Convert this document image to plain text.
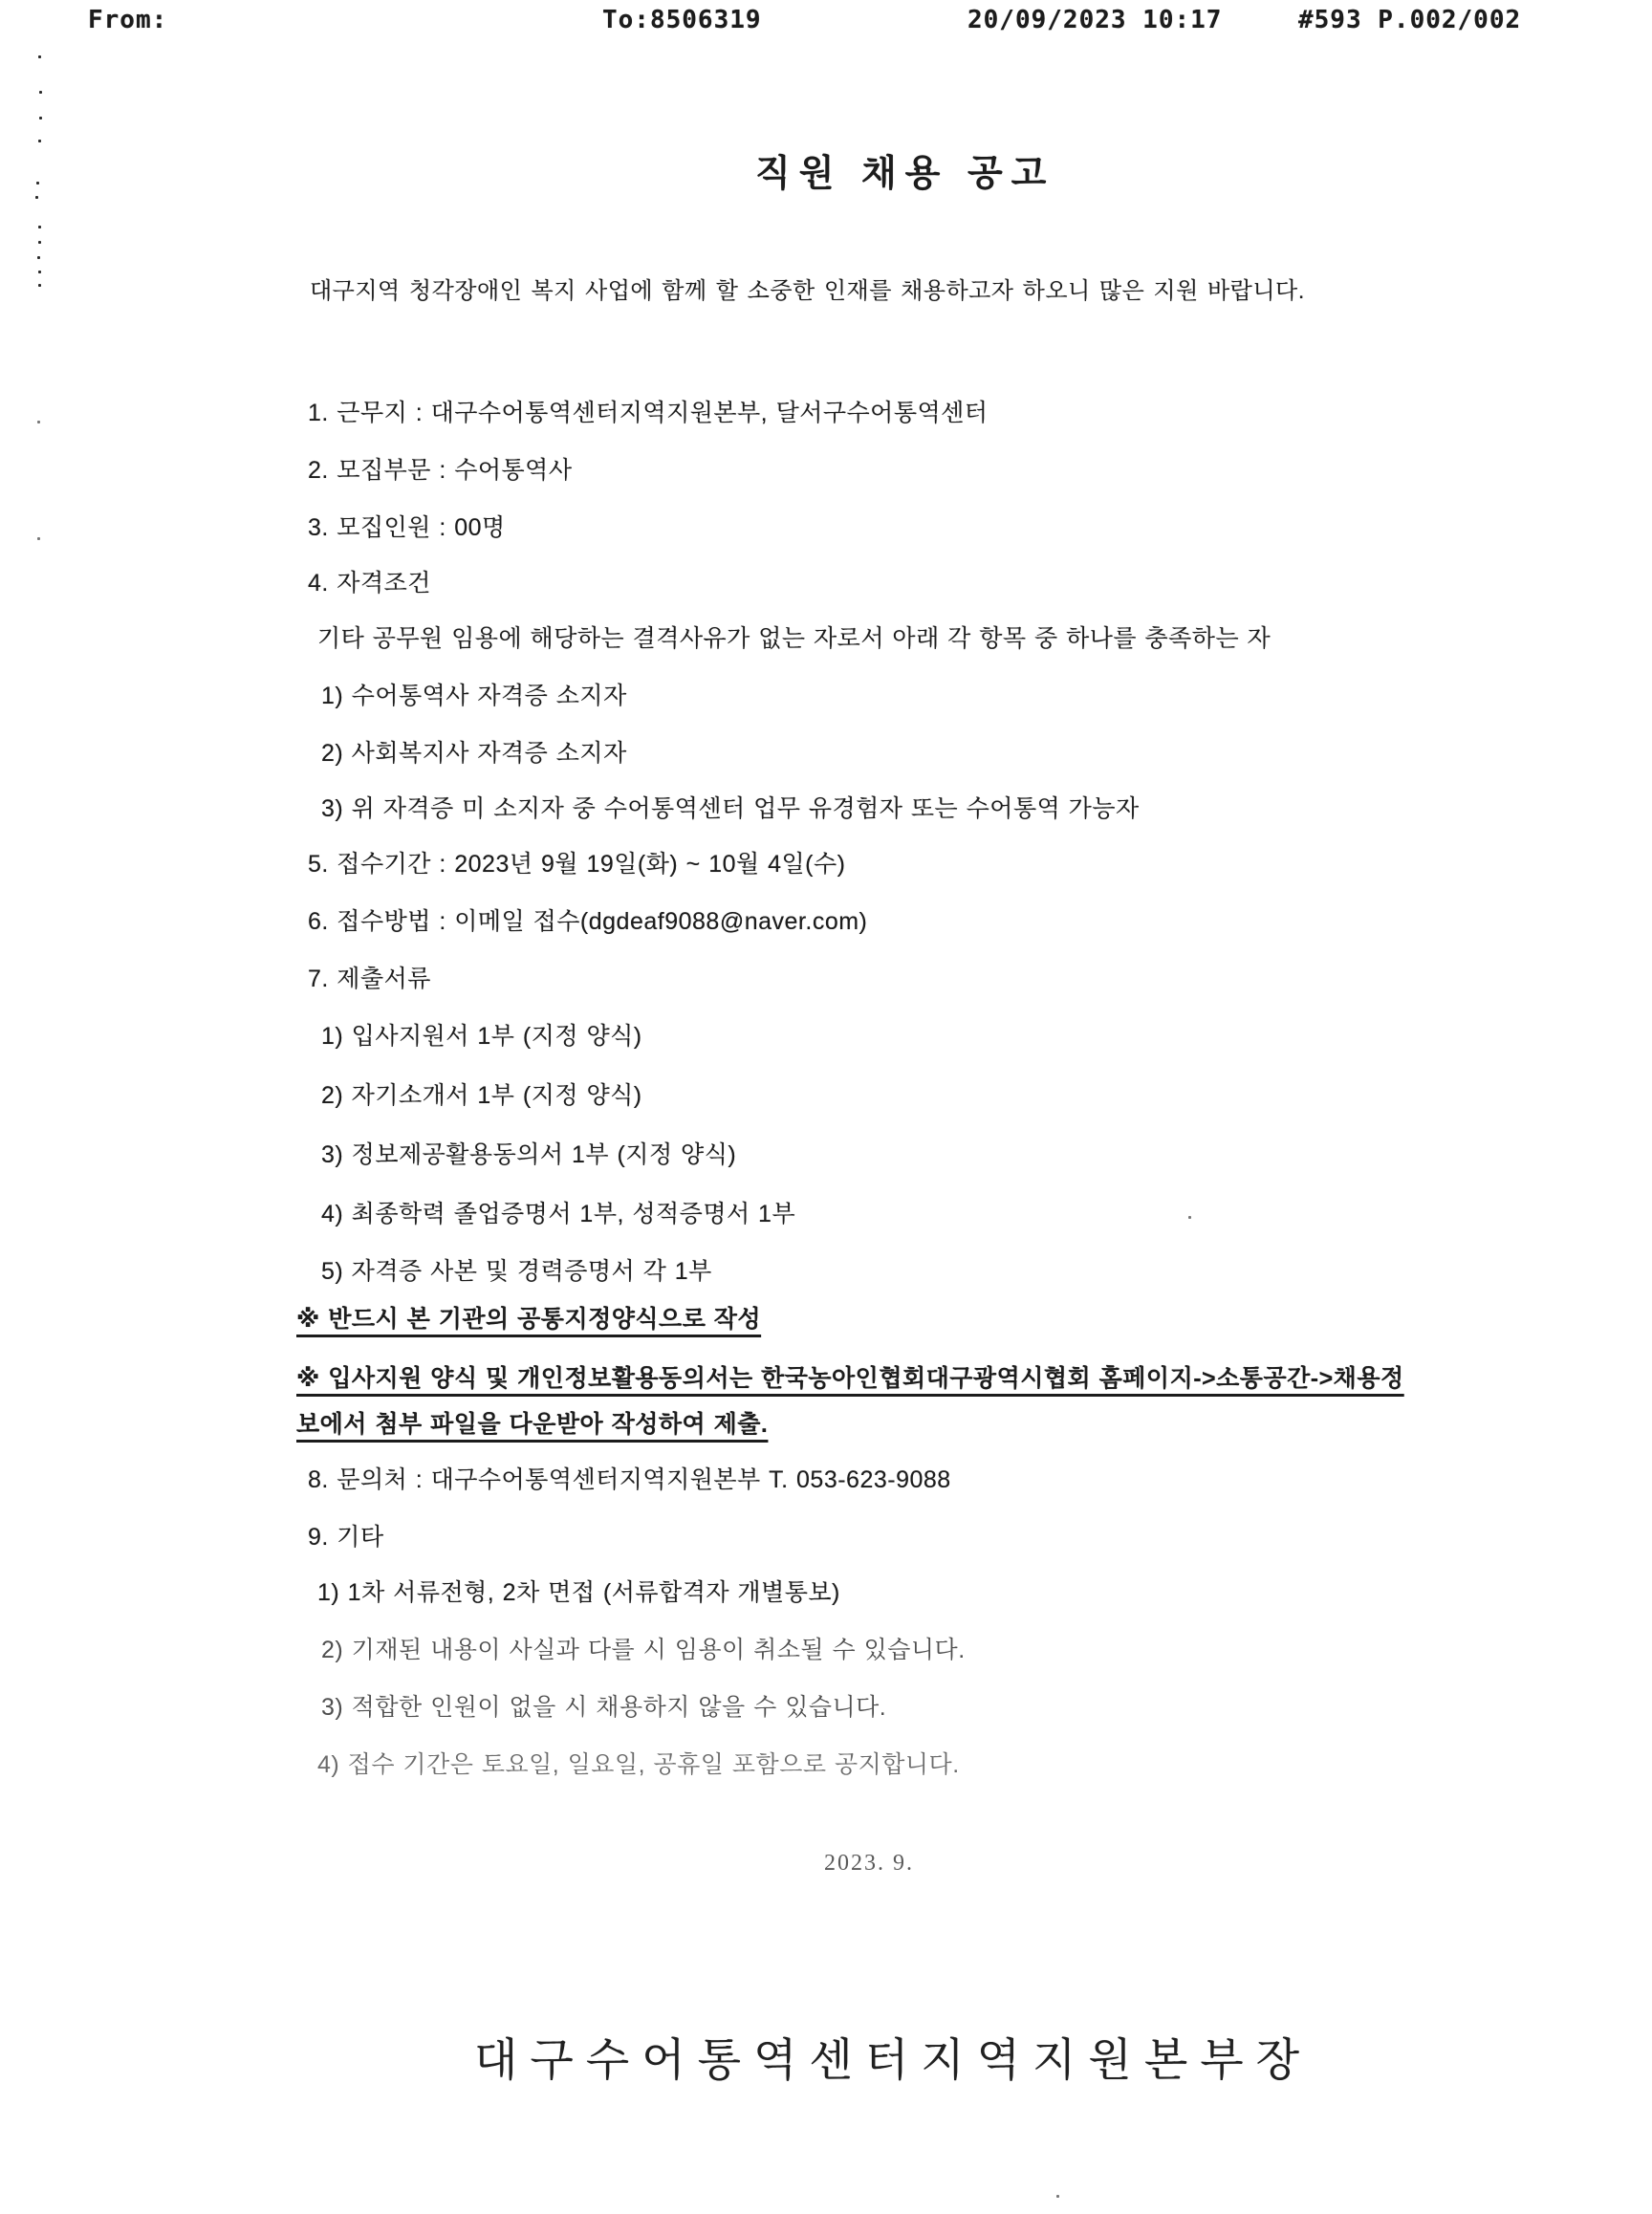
From:	To:8506319	20/09/2023 10:17	#593 P.002/002
직원 채용 공고
대구지역 청각장애인 복지 사업에 함께 할 소중한 인재를 채용하고자 하오니 많은 지원 바랍니다.
1. 근무지 : 대구수어통역센터지역지원본부, 달서구수어통역센터
2. 모집부문 : 수어통역사
3. 모집인원 : 00명
4. 자격조건
기타 공무원 임용에 해당하는 결격사유가 없는 자로서 아래 각 항목 중 하나를 충족하는 자
1) 수어통역사 자격증 소지자
2) 사회복지사 자격증 소지자
3) 위 자격증 미 소지자 중 수어통역센터 업무 유경험자 또는 수어통역 가능자
5. 접수기간 : 2023년 9월 19일(화) ~ 10월 4일(수)
6. 접수방법 : 이메일 접수(dgdeaf9088@naver.com)
7. 제출서류
1) 입사지원서 1부 (지정 양식)
2) 자기소개서 1부 (지정 양식)
3) 정보제공활용동의서 1부 (지정 양식)
4) 최종학력 졸업증명서 1부, 성적증명서 1부
5) 자격증 사본 및 경력증명서 각 1부
※ 반드시 본 기관의 공통지정양식으로 작성
※ 입사지원 양식 및 개인정보활용동의서는 한국농아인협회대구광역시협회 홈페이지->소통공간->채용정
보에서 첨부 파일을 다운받아 작성하여 제출.
8. 문의처 : 대구수어통역센터지역지원본부 T. 053-623-9088
9. 기타
1) 1차 서류전형, 2차 면접 (서류합격자 개별통보)
2) 기재된 내용이 사실과 다를 시 임용이 취소될 수 있습니다.
3) 적합한 인원이 없을 시 채용하지 않을 수 있습니다.
4) 접수 기간은 토요일, 일요일, 공휴일 포함으로 공지합니다.
2023. 9.
대구수어통역센터지역지원본부장
